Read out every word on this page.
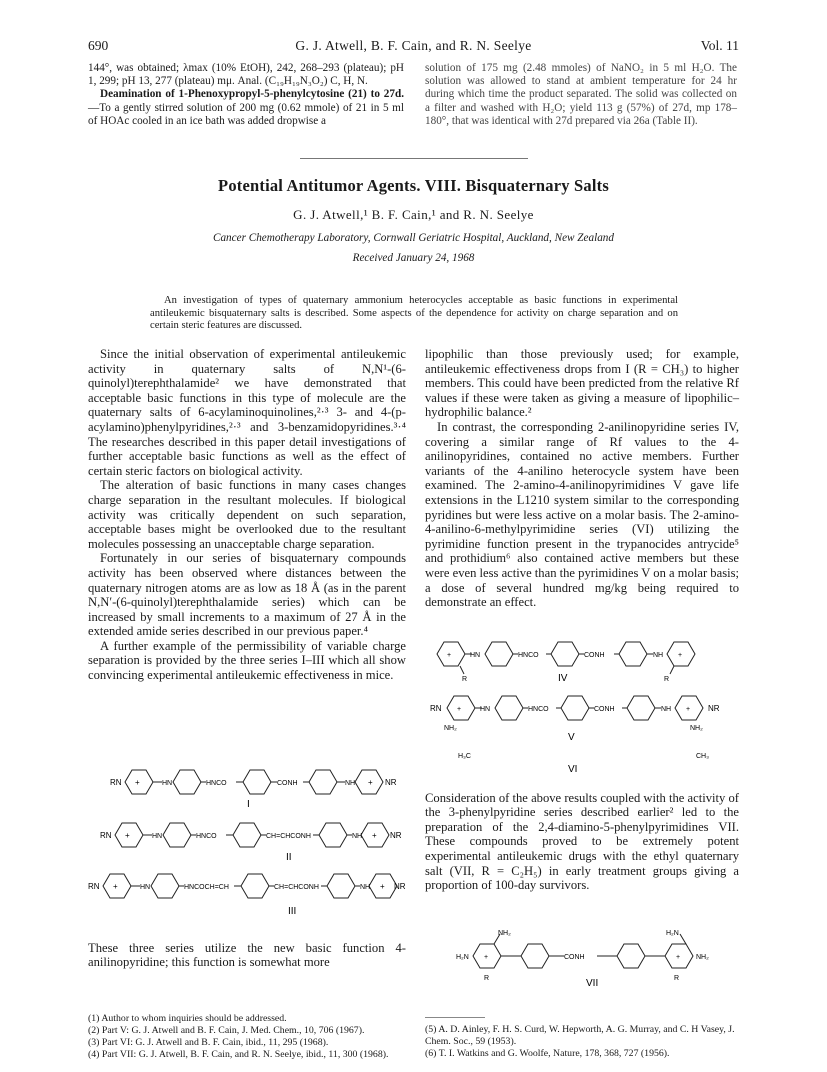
690	G. J. Atwell, B. F. Cain, and R. N. Seelye	Vol. 11

144°, was obtained; λmax (10% EtOH), 242, 268–293 (plateau); pH 1, 299; pH 13, 277 (plateau) mμ. Anal. (C₁₉H₁₉N₃O₂) C, H, N.

Deamination of 1-Phenoxypropyl-5-phenylcytosine (21) to 27d.—To a gently stirred solution of 200 mg (0.62 mmole) of 21 in 5 ml of HOAc cooled in an ice bath was added dropwise a

solution of 175 mg (2.48 mmoles) of NaNO₂ in 5 ml H₂O. The solution was allowed to stand at ambient temperature for 24 hr during which time the product separated. The solid was collected on a filter and washed with H₂O; yield 113 g (57%) of 27d, mp 178–180°, that was identical with 27d prepared via 26a (Table II).

Potential Antitumor Agents. VIII. Bisquaternary Salts
G. J. Atwell,¹ B. F. Cain,¹ and R. N. Seelye
Cancer Chemotherapy Laboratory, Cornwall Geriatric Hospital, Auckland, New Zealand
Received January 24, 1968
An investigation of types of quaternary ammonium heterocycles acceptable as basic functions in experimental antileukemic bisquaternary salts is described. Some aspects of the dependence for activity on charge separation and on certain steric features are discussed.

Since the initial observation of experimental antileukemic activity in quaternary salts of N,N¹-(6-quinolyl)terephthalamide² we have demonstrated that acceptable basic functions in this type of molecule are the quaternary salts of 6-acylaminoquinolines,²·³ 3- and 4-(p-acylamino)phenylpyridines,²·³ and 3-benzamidopyridines.³·⁴ The researches described in this paper detail investigations of further acceptable basic functions as well as the effect of certain steric factors on biological activity.

The alteration of basic functions in many cases changes charge separation in the resultant molecules. If biological activity was critically dependent on such separation, acceptable bases might be overlooked due to the resultant molecules possessing an unacceptable charge separation.

Fortunately in our series of bisquaternary compounds activity has been observed where distances between the quaternary nitrogen atoms are as low as 18 Å (as in the parent N,N′-(6-quinolyl)terephthalamide series) which can be increased by small increments to a maximum of 27 Å in the extended amide series described in our previous paper.⁴

A further example of the permissibility of variable charge separation is provided by the three series I–III which all show convincing experimental antileukemic effectiveness in mice.

RN +	HN	HNCO	CONH	NH + NR
I
RN +	HN	HNCO	CH=CHCONH	NH + NR
II
RN +	HN	HNCOCH=CH	CH=CHCONH	NH + NR
III

These three series utilize the new basic function 4-anilinopyridine; this function is somewhat more

lipophilic than those previously used; for example, antileukemic effectiveness drops from I (R = CH₃) to higher members. This could have been predicted from the relative Rf values if these were taken as giving a measure of lipophilic–hydrophilic balance.²

In contrast, the corresponding 2-anilinopyridine series IV, covering a similar range of Rf values to the 4-anilinopyridines, contained no active members. Further variants of the 4-anilino heterocycle system have been examined. The 2-amino-4-anilinopyrimidines V gave life extensions in the L1210 system similar to the corresponding pyridines but were less active on a molar basis. The 2-amino-4-anilino-6-methylpyrimidine series (VI) utilizing the pyrimidine function present in the trypanocides antrycide⁵ and prothidium⁶ also contained active members but these were even less active than the pyrimidines V on a molar basis; a dose of several hundred mg/kg being required to demonstrate an effect.

+	HN	HNCO	CONH	NH +
R	R
IV
RN +	HN	HNCO	CONH	NH + NR
NH₂	NH₂
V
H₃C	CH₃
VI

Consideration of the above results coupled with the activity of the 3-phenylpyridine series described earlier² led to the preparation of the 2,4-diamino-5-phenylpyrimidines VII. These compounds proved to be extremely potent experimental antileukemic drugs with the ethyl quaternary salt (VII, R = C₂H₅) in early treatment groups giving a proportion of 100-day survivors.

H₂N +
NH₂
CONH	+
H₂N
NH₂
R	R
VII

(1) Author to whom inquiries should be addressed.

(2) Part V: G. J. Atwell and B. F. Cain, J. Med. Chem., 10, 706 (1967).

(3) Part VI: G. J. Atwell and B. F. Cain, ibid., 11, 295 (1968).

(4) Part VII: G. J. Atwell, B. F. Cain, and R. N. Seelye, ibid., 11, 300 (1968).

(5) A. D. Ainley, F. H. S. Curd, W. Hepworth, A. G. Murray, and C. H Vasey, J. Chem. Soc., 59 (1953).

(6) T. I. Watkins and G. Woolfe, Nature, 178, 368, 727 (1956).
